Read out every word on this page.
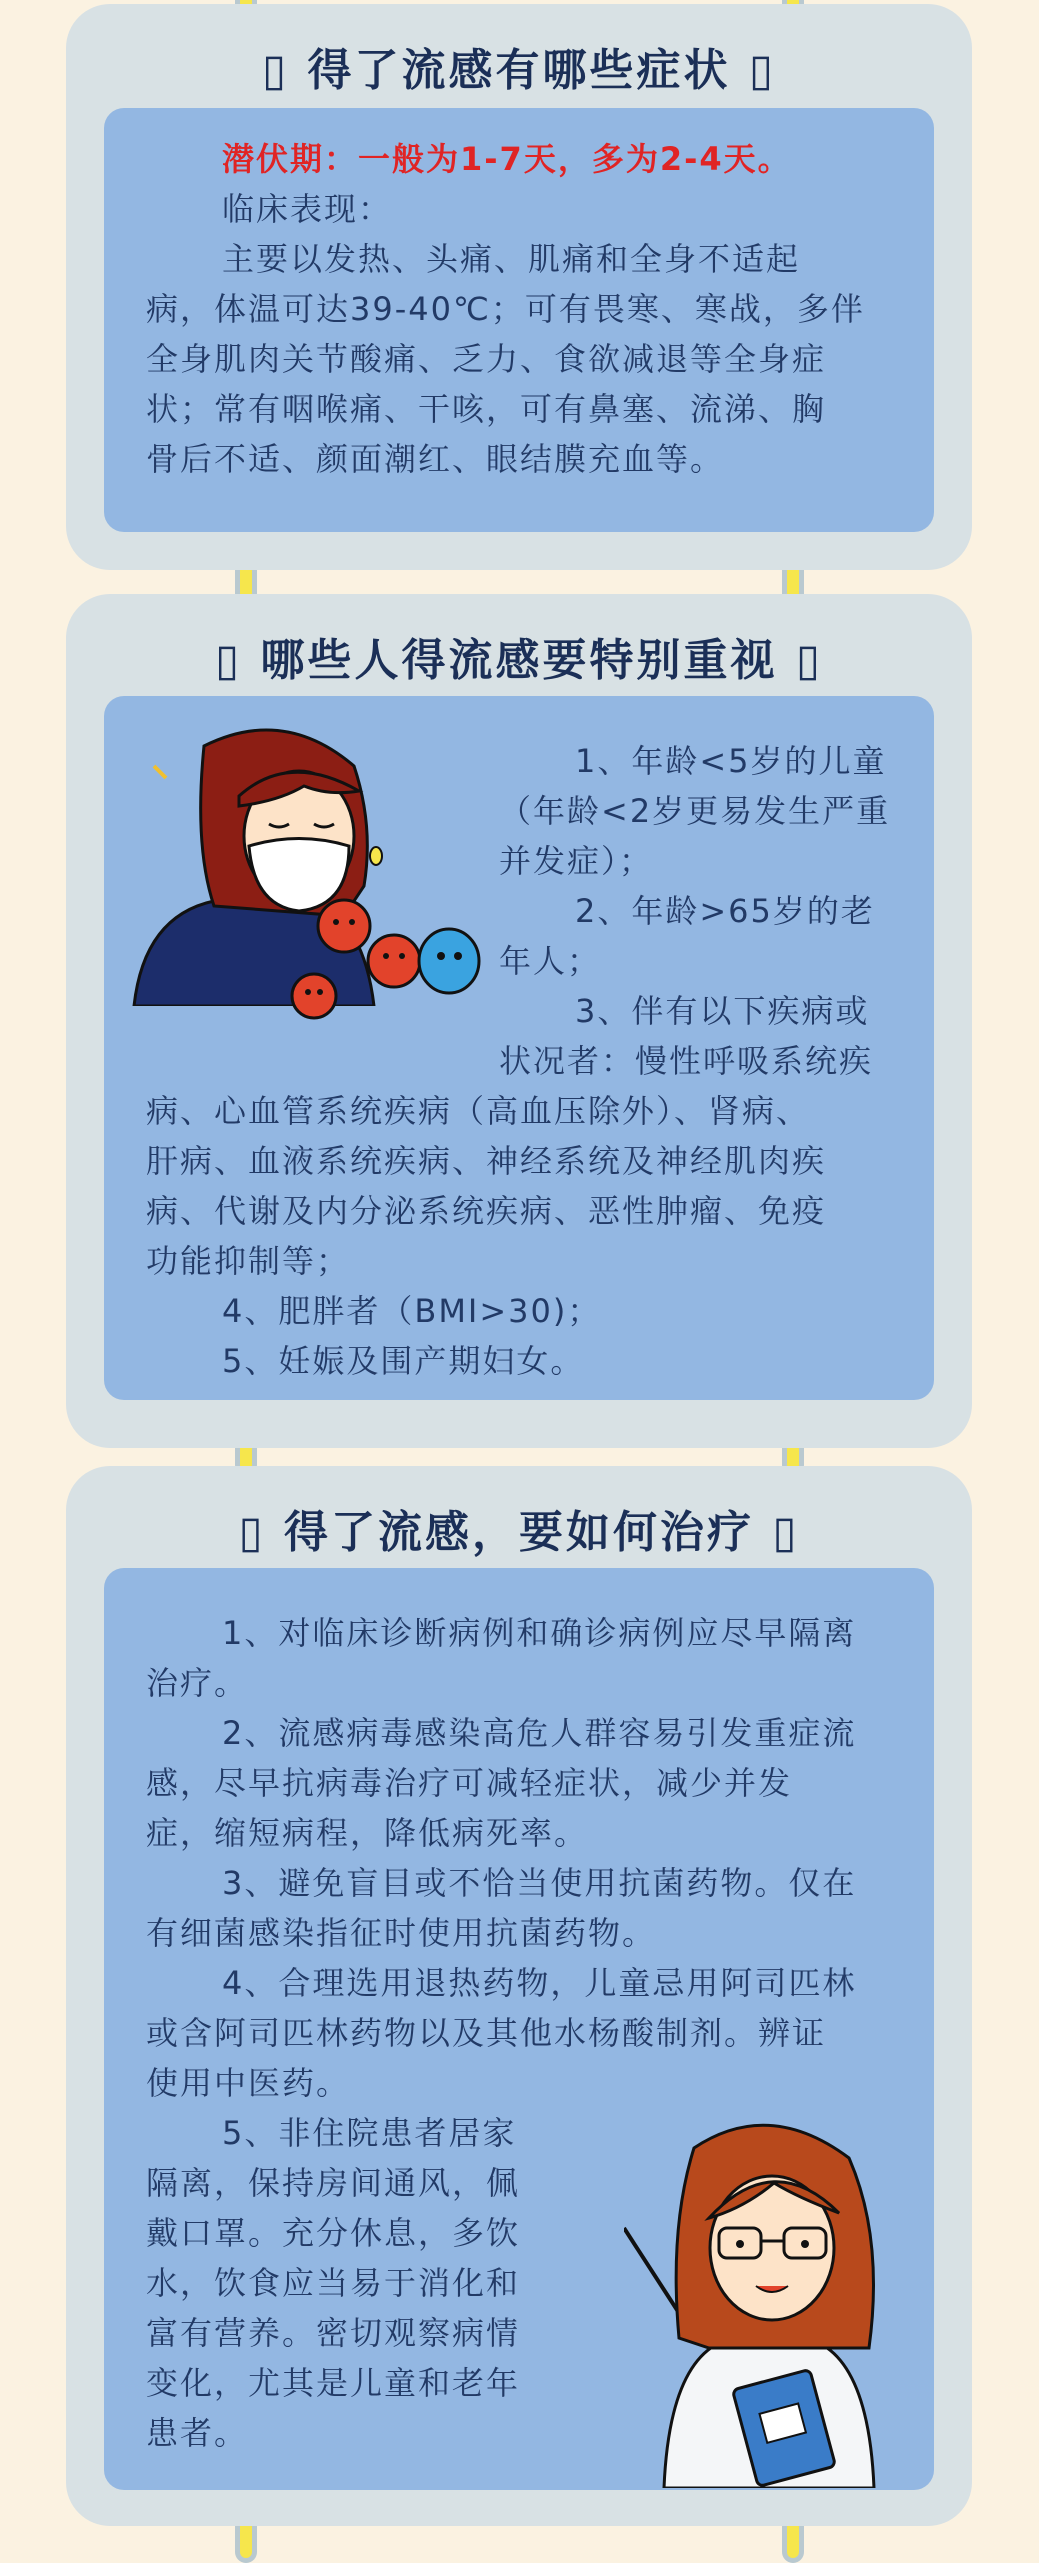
▯ 得了流感有哪些症状 ▯
潜伏期：一般为1-7天，多为2-4天。
临床表现：
主要以发热、头痛、肌痛和全身不适起
病，体温可达39-40℃；可有畏寒、寒战，多伴
全身肌肉关节酸痛、乏力、食欲减退等全身症
状；常有咽喉痛、干咳，可有鼻塞、流涕、胸
骨后不适、颜面潮红、眼结膜充血等。
▯ 哪些人得流感要特别重视 ▯
1、年龄<5岁的儿童
（年龄<2岁更易发生严重
并发症）；
2、年龄>65岁的老
年人；
3、伴有以下疾病或
状况者：慢性呼吸系统疾
病、心血管系统疾病（高血压除外）、肾病、
肝病、血液系统疾病、神经系统及神经肌肉疾
病、代谢及内分泌系统疾病、恶性肿瘤、免疫
功能抑制等；
4、肥胖者（BMI>30)；
5、妊娠及围产期妇女。
▯ 得了流感，要如何治疗 ▯
1、对临床诊断病例和确诊病例应尽早隔离
治疗。
2、流感病毒感染高危人群容易引发重症流
感，尽早抗病毒治疗可减轻症状，减少并发
症，缩短病程，降低病死率。
3、避免盲目或不恰当使用抗菌药物。仅在
有细菌感染指征时使用抗菌药物。
4、合理选用退热药物，儿童忌用阿司匹林
或含阿司匹林药物以及其他水杨酸制剂。辨证
使用中医药。
5、非住院患者居家
隔离，保持房间通风，佩
戴口罩。充分休息，多饮
水，饮食应当易于消化和
富有营养。密切观察病情
变化，尤其是儿童和老年
患者。
